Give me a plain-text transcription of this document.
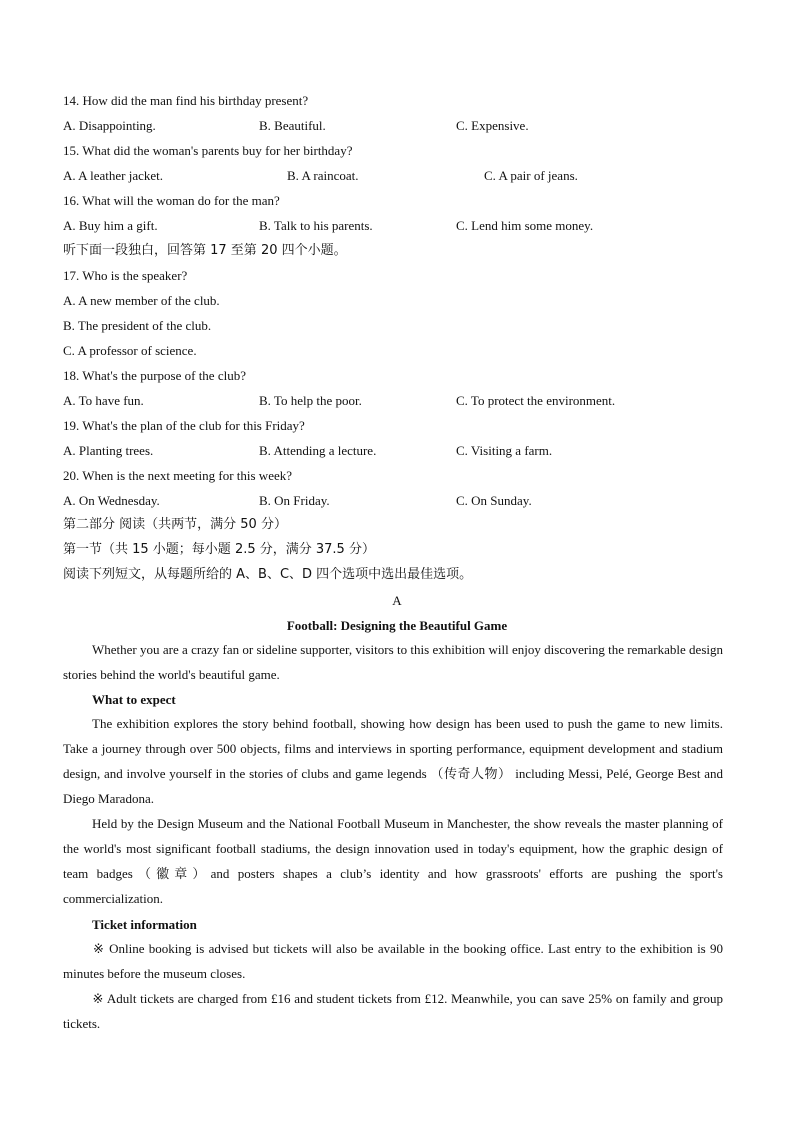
14. How did the man find his birthday present?
A. Disappointing.	B. Beautiful.	C. Expensive.
15. What did the woman's parents buy for her birthday?
A. A leather jacket.	B. A raincoat.	C. A pair of jeans.
16. What will the woman do for the man?
A. Buy him a gift.	B. Talk to his parents.	C. Lend him some money.
听下面一段独白，回答第 17 至第 20 四个小题。
17. Who is the speaker?
A. A new member of the club.
B. The president of the club.
C. A professor of science.
18. What's the purpose of the club?
A. To have fun.	B. To help the poor.	C. To protect the environment.
19. What's the plan of the club for this Friday?
A. Planting trees.	B. Attending a lecture.	C. Visiting a farm.
20. When is the next meeting for this week?
A. On Wednesday.	B. On Friday.	C. On Sunday.
第二部分 阅读（共两节，满分 50 分）
第一节（共 15 小题；每小题 2.5 分，满分 37.5 分）
阅读下列短文，从每题所给的 A、B、C、D 四个选项中选出最佳选项。
A
Football: Designing the Beautiful Game
Whether you are a crazy fan or sideline supporter, visitors to this exhibition will enjoy discovering the remarkable design stories behind the world's beautiful game.
What to expect
The exhibition explores the story behind football, showing how design has been used to push the game to new limits. Take a journey through over 500 objects, films and interviews in sporting performance, equipment development and stadium design, and involve yourself in the stories of clubs and game legends （传奇人物） including Messi, Pelé, George Best and Diego Maradona.
Held by the Design Museum and the National Football Museum in Manchester, the show reveals the master planning of the world's most significant football stadiums, the design innovation used in today's equipment, how the graphic design of team badges（徽章）and posters shapes a club’s identity and how grassroots' efforts are pushing the sport's commercialization.
Ticket information
※ Online booking is advised but tickets will also be available in the booking office. Last entry to the exhibition is 90 minutes before the museum closes.
※ Adult tickets are charged from £16 and student tickets from £12. Meanwhile, you can save 25% on family and group tickets.
